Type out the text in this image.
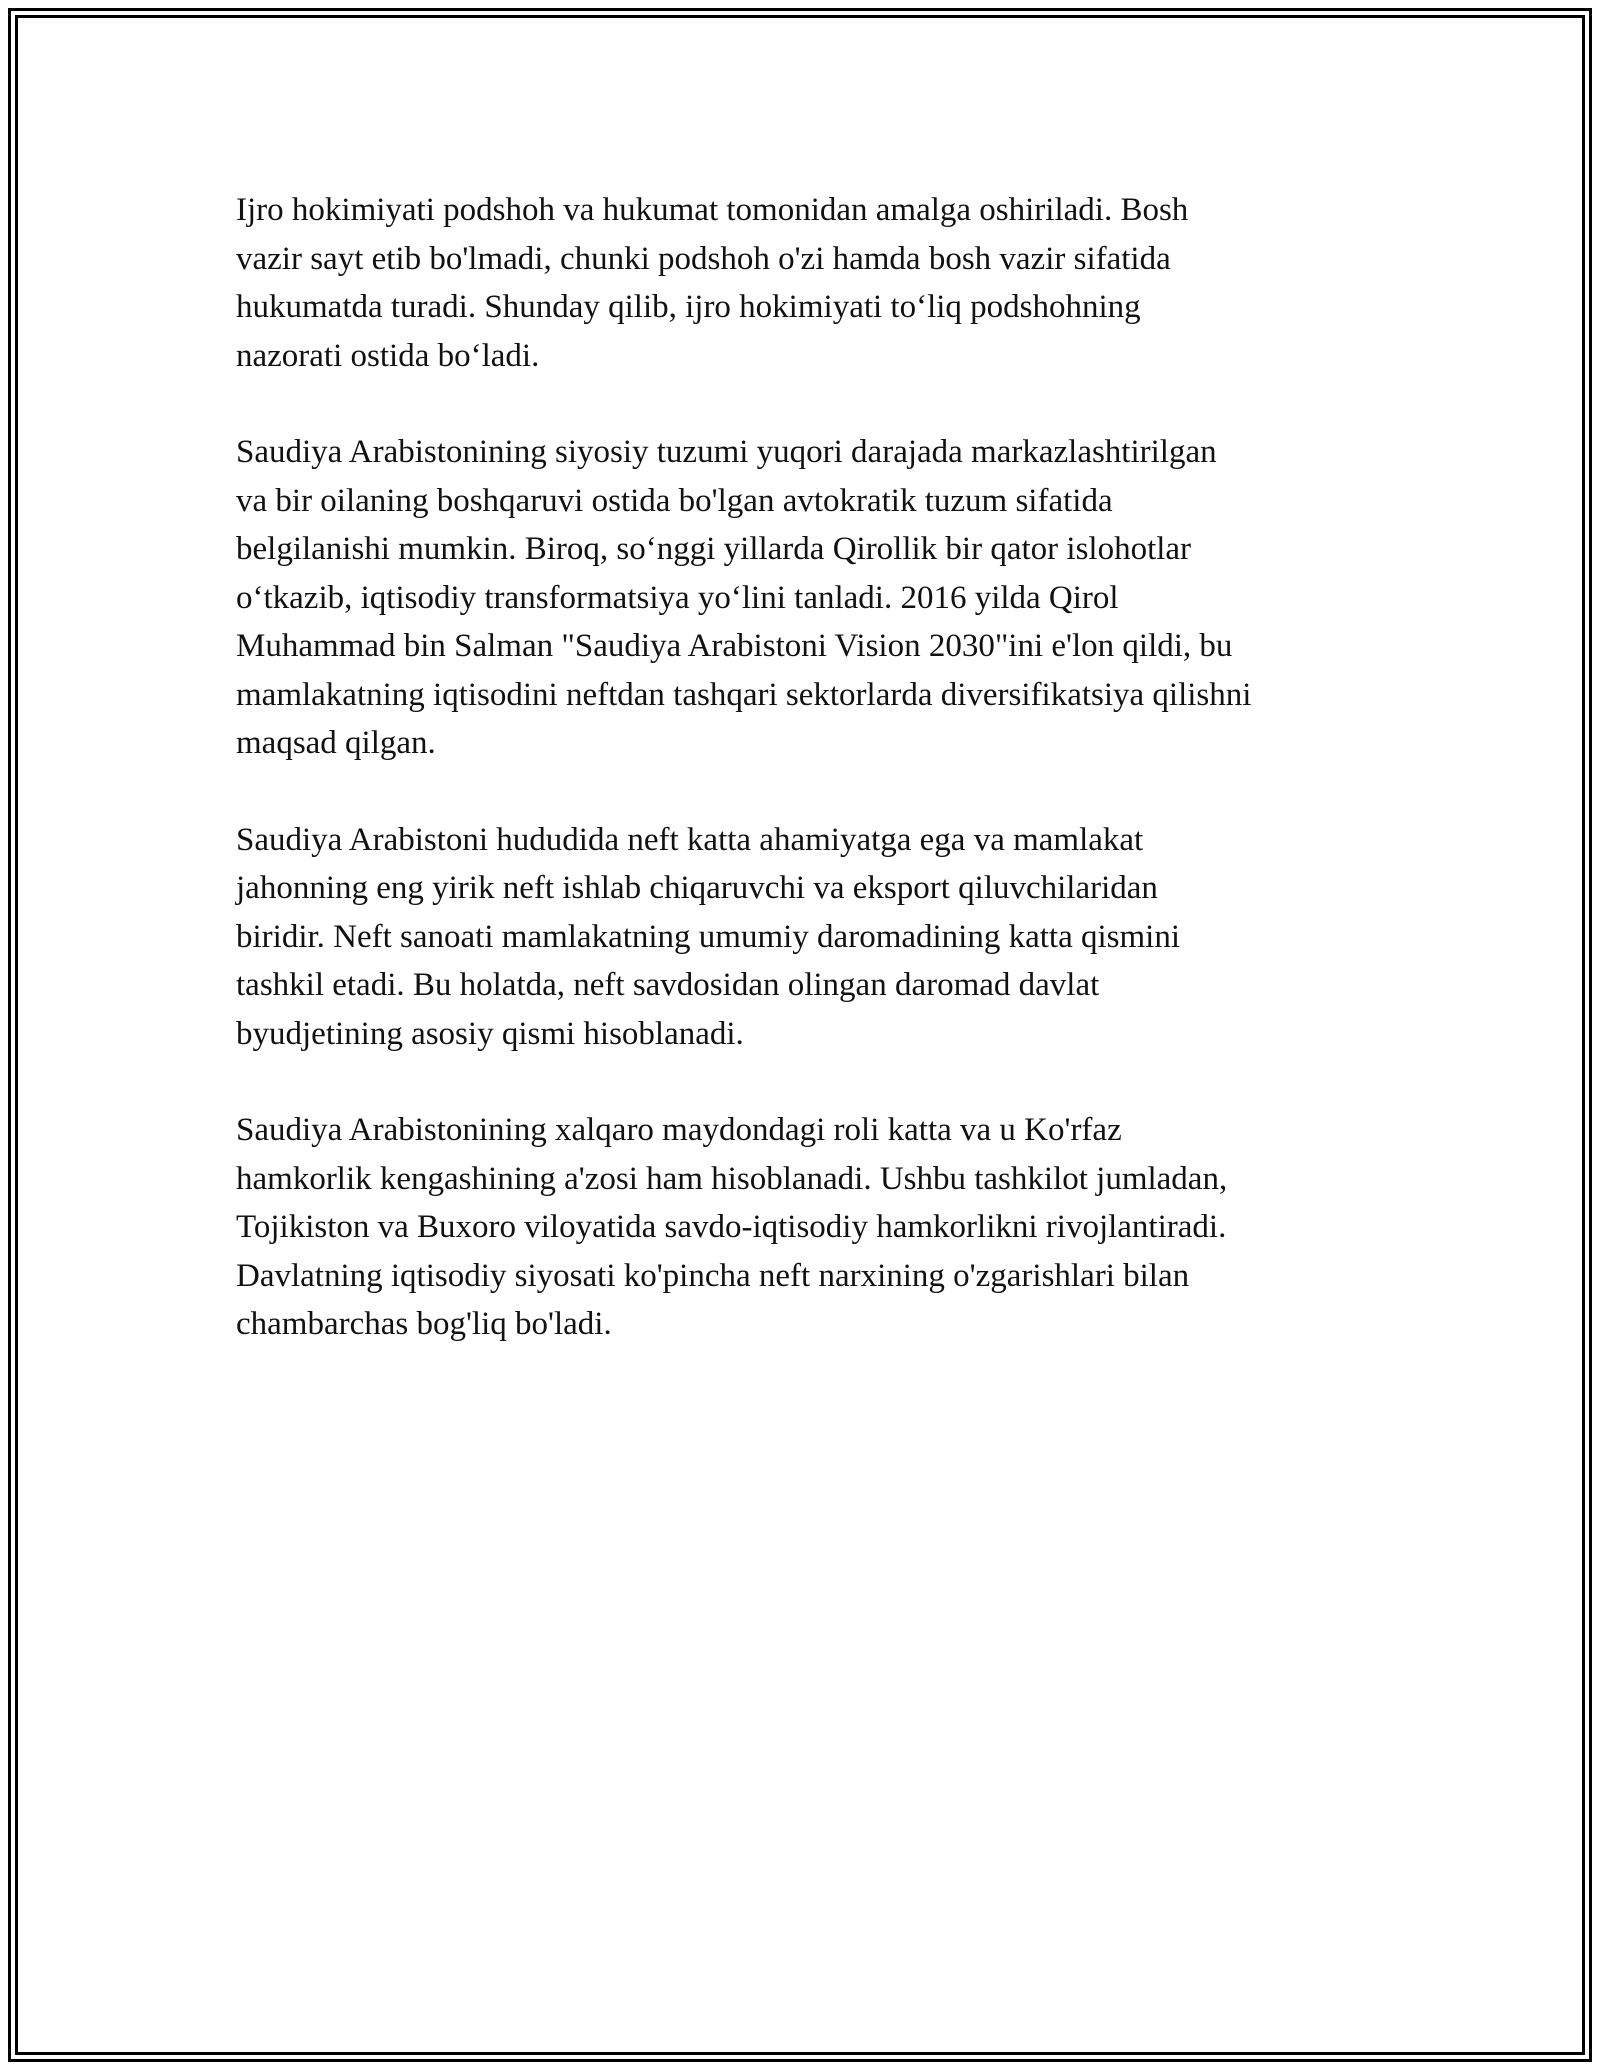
Ijro hokimiyati podshoh va hukumat tomonidan amalga oshiriladi. Bosh
vazir sayt etib bo'lmadi, chunki podshoh o'zi hamda bosh vazir sifatida
hukumatda turadi. Shunday qilib, ijro hokimiyati to‘liq podshohning
nazorati ostida bo‘ladi.

Saudiya Arabistonining siyosiy tuzumi yuqori darajada markazlashtirilgan
va bir oilaning boshqaruvi ostida bo'lgan avtokratik tuzum sifatida
belgilanishi mumkin. Biroq, so‘nggi yillarda Qirollik bir qator islohotlar
o‘tkazib, iqtisodiy transformatsiya yo‘lini tanladi. 2016 yilda Qirol
Muhammad bin Salman "Saudiya Arabistoni Vision 2030"ini e'lon qildi, bu
mamlakatning iqtisodini neftdan tashqari sektorlarda diversifikatsiya qilishni
maqsad qilgan.

Saudiya Arabistoni hududida neft katta ahamiyatga ega va mamlakat
jahonning eng yirik neft ishlab chiqaruvchi va eksport qiluvchilaridan
biridir. Neft sanoati mamlakatning umumiy daromadining katta qismini
tashkil etadi. Bu holatda, neft savdosidan olingan daromad davlat
byudjetining asosiy qismi hisoblanadi.

Saudiya Arabistonining xalqaro maydondagi roli katta va u Ko'rfaz
hamkorlik kengashining a'zosi ham hisoblanadi. Ushbu tashkilot jumladan,
Tojikiston va Buxoro viloyatida savdo-iqtisodiy hamkorlikni rivojlantiradi.
Davlatning iqtisodiy siyosati ko'pincha neft narxining o'zgarishlari bilan
chambarchas bog'liq bo'ladi.
